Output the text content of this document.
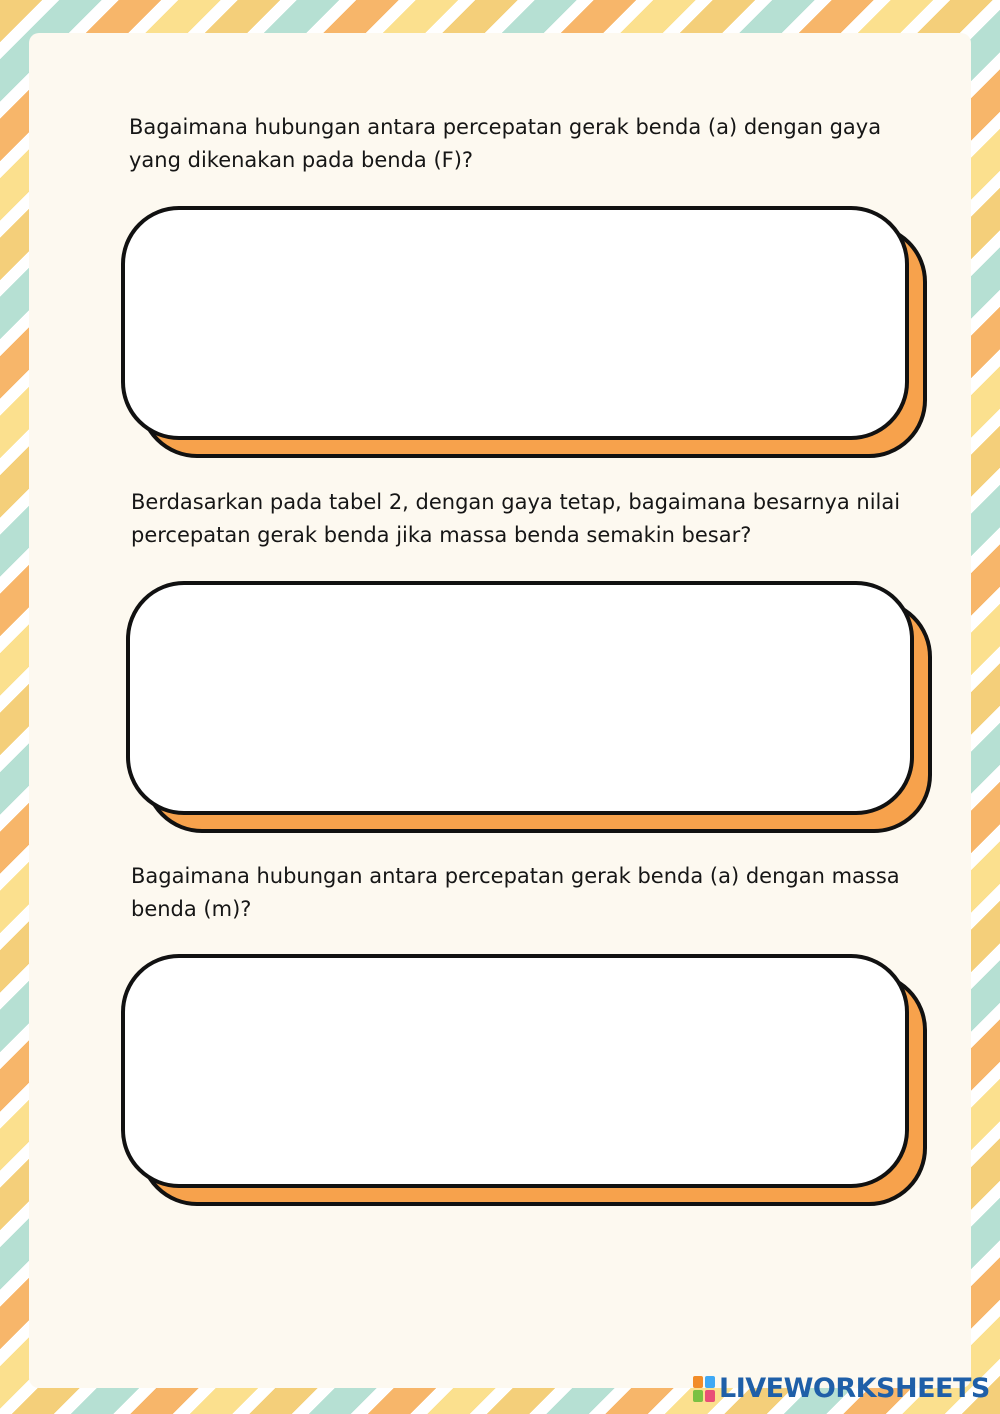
Bagaimana hubungan antara percepatan gerak benda (a) dengan gaya yang dikenakan pada benda (F)?

Berdasarkan pada tabel 2, dengan gaya tetap, bagaimana besarnya nilai percepatan gerak benda jika massa benda semakin besar?

Bagaimana hubungan antara percepatan gerak benda (a) dengan massa benda (m)?

LIVEWORKSHEETS
